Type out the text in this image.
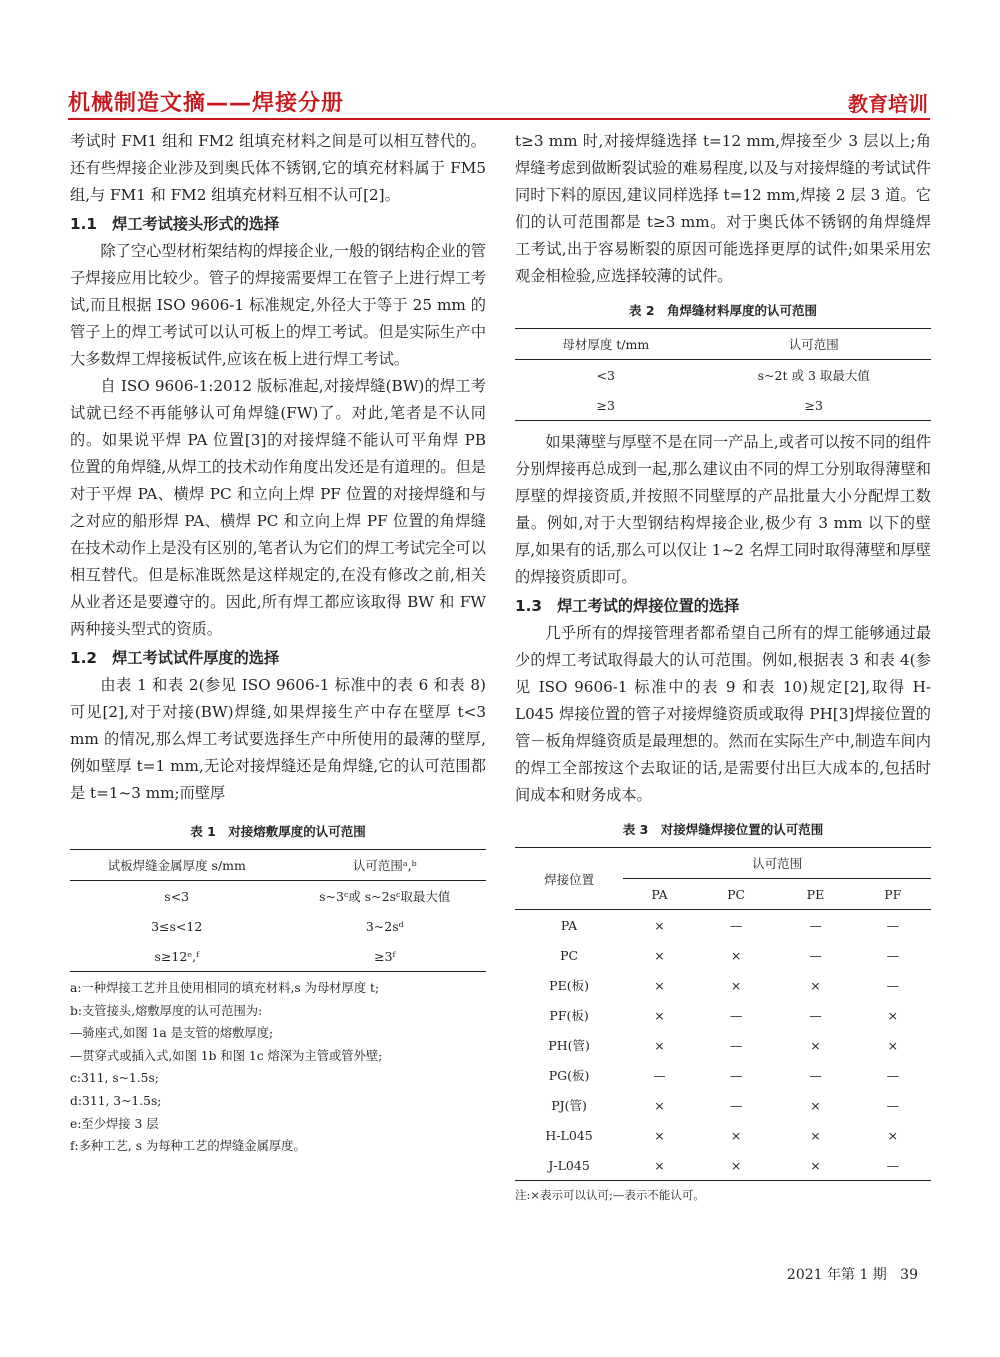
机械制造文摘——焊接分册	教育培训

考试时 FM1 组和 FM2 组填充材料之间是可以相互替代的。还有些焊接企业涉及到奥氏体不锈钢,它的填充材料属于 FM5 组,与 FM1 和 FM2 组填充材料互相不认可[2]。

1.1　焊工考试接头形式的选择

除了空心型材桁架结构的焊接企业,一般的钢结构企业的管子焊接应用比较少。管子的焊接需要焊工在管子上进行焊工考试,而且根据 ISO 9606-1 标准规定,外径大于等于 25 mm 的管子上的焊工考试可以认可板上的焊工考试。但是实际生产中大多数焊工焊接板试件,应该在板上进行焊工考试。

自 ISO 9606-1:2012 版标准起,对接焊缝(BW)的焊工考试就已经不再能够认可角焊缝(FW)了。对此,笔者是不认同的。如果说平焊 PA 位置[3]的对接焊缝不能认可平角焊 PB 位置的角焊缝,从焊工的技术动作角度出发还是有道理的。但是对于平焊 PA、横焊 PC 和立向上焊 PF 位置的对接焊缝和与之对应的船形焊 PA、横焊 PC 和立向上焊 PF 位置的角焊缝在技术动作上是没有区别的,笔者认为它们的焊工考试完全可以相互替代。但是标准既然是这样规定的,在没有修改之前,相关从业者还是要遵守的。因此,所有焊工都应该取得 BW 和 FW 两种接头型式的资质。

1.2　焊工考试试件厚度的选择

由表 1 和表 2(参见 ISO 9606-1 标准中的表 6 和表 8)可见[2],对于对接(BW)焊缝,如果焊接生产中存在壁厚 t<3 mm 的情况,那么焊工考试要选择生产中所使用的最薄的壁厚,例如壁厚 t=1 mm,无论对接焊缝还是角焊缝,它的认可范围都是 t=1~3 mm;而壁厚

表 1　对接熔敷厚度的认可范围
试板焊缝金属厚度 s/mm	认可范围ᵃ,ᵇ
s<3	s~3ᶜ或 s~2sᶜ取最大值
3≤s<12	3~2sᵈ
s≥12ᵉ,ᶠ	≥3ᶠ
a:一种焊接工艺并且使用相同的填充材料,s 为母材厚度 t;
b:支管接头,熔敷厚度的认可范围为:
—骑座式,如图 1a 是支管的熔敷厚度;
—贯穿式或插入式,如图 1b 和图 1c 熔深为主管或管外壁;
c:311, s~1.5s;
d:311, 3~1.5s;
e:至少焊接 3 层
f:多种工艺, s 为每种工艺的焊缝金属厚度。

t≥3 mm 时,对接焊缝选择 t=12 mm,焊接至少 3 层以上;角焊缝考虑到做断裂试验的难易程度,以及与对接焊缝的考试试件同时下料的原因,建议同样选择 t=12 mm,焊接 2 层 3 道。它们的认可范围都是 t≥3 mm。对于奥氏体不锈钢的角焊缝焊工考试,出于容易断裂的原因可能选择更厚的试件;如果采用宏观金相检验,应选择较薄的试件。

表 2　角焊缝材料厚度的认可范围
母材厚度 t/mm	认可范围
<3	s~2t 或 3 取最大值
≥3	≥3

如果薄壁与厚壁不是在同一产品上,或者可以按不同的组件分别焊接再总成到一起,那么建议由不同的焊工分别取得薄壁和厚壁的焊接资质,并按照不同壁厚的产品批量大小分配焊工数量。例如,对于大型钢结构焊接企业,极少有 3 mm 以下的壁厚,如果有的话,那么可以仅让 1~2 名焊工同时取得薄壁和厚壁的焊接资质即可。

1.3　焊工考试的焊接位置的选择

几乎所有的焊接管理者都希望自己所有的焊工能够通过最少的焊工考试取得最大的认可范围。例如,根据表 3 和表 4(参见 ISO 9606-1 标准中的表 9 和表 10)规定[2],取得 H-L045 焊接位置的管子对接焊缝资质或取得 PH[3]焊接位置的管－板角焊缝资质是最理想的。然而在实际生产中,制造车间内的焊工全部按这个去取证的话,是需要付出巨大成本的,包括时间成本和财务成本。

表 3　对接焊缝焊接位置的认可范围
焊接位置	认可范围			
	PA	PC	PE	PF
PA	×	—	—	—
PC	×	×	—	—
PE(板)	×	×	×	—
PF(板)	×	—	—	×
PH(管)	×	—	×	×
PG(板)	—	—	—	—
PJ(管)	×	—	×	—
H-L045	×	×	×	×
J-L045	×	×	×	—
注:×表示可以认可;—表示不能认可。
2021 年第 1 期 39
